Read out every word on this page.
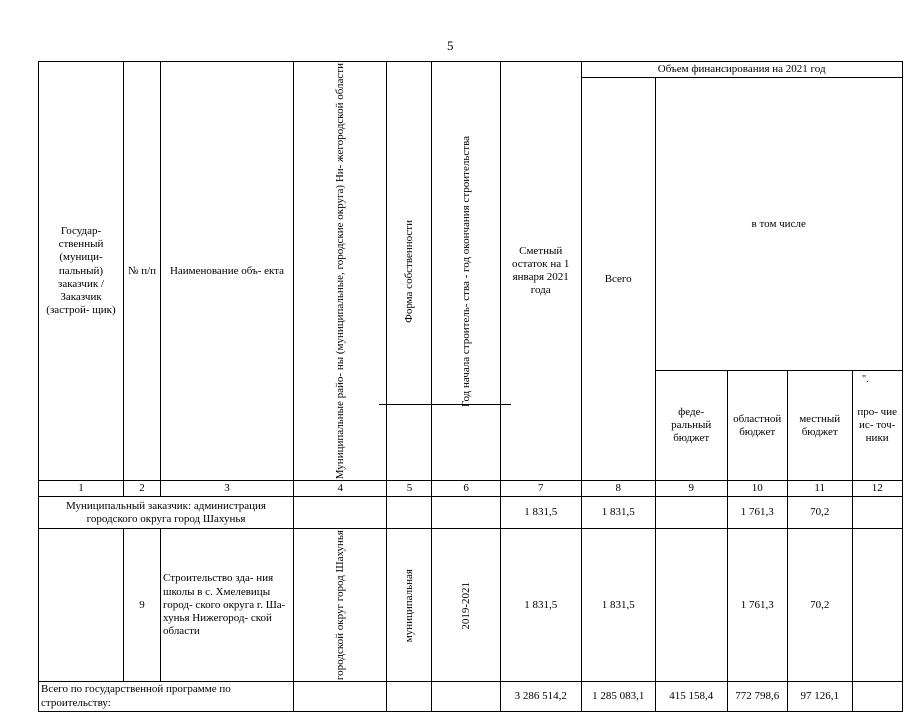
5
Государ- ственный (муници- пальный) заказчик / Заказчик (застрой- щик)	№ п/п	Наименование объ- екта	Муниципальные райо- ны (муниципальные, городские округа) Ни- жегородской области	Форма собственности	Год начала строитель- ства - год окончания строительства	Сметный остаток на 1 января 2021 года	Объем финансирования на 2021 год				
							Всего	в том числе			
								феде- ральный бюджет	областной бюджет	местный бюджет	про- чие ис- точ- ники
1	2	3	4	5	6	7	8	9	10	11	12
Муниципальный заказчик: администрация городского округа город Шахунья						1 831,5	1 831,5		1 761,3	70,2	
	9	Строительство зда- ния школы в с. Хмелевицы город- ского округа г. Ша- хунья Нижегород- ской области	городской округ город Шахунья	муниципальная	2019-2021	1 831,5	1 831,5		1 761,3	70,2	
Всего по государственной программе по строительству:						3 286 514,2	1 285 083,1	415 158,4	772 798,6	97 126,1	
".
